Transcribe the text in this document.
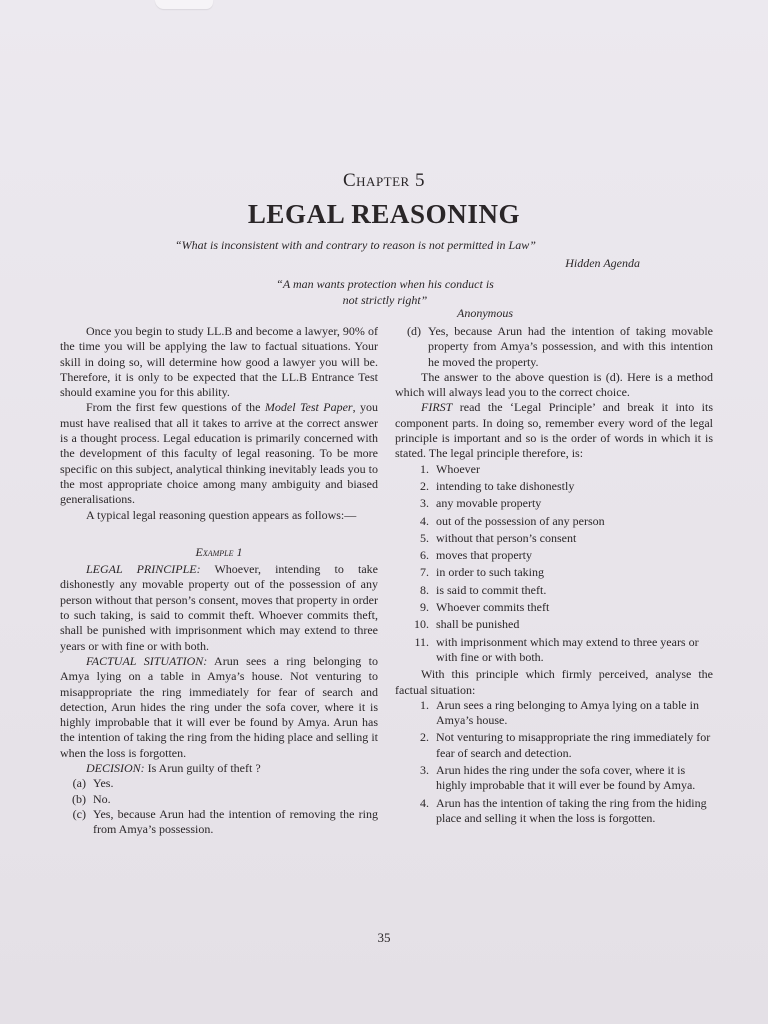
Chapter 5
LEGAL REASONING
“What is inconsistent with and contrary to reason is not permitted in Law”
Hidden Agenda
“A man wants protection when his conduct is not strictly right”
Anonymous

Once you begin to study LL.B and become a lawyer, 90% of the time you will be applying the law to factual situations. Your skill in doing so, will determine how good a lawyer you will be. Therefore, it is only to be expected that the LL.B Entrance Test should examine you for this ability.

From the first few questions of the Model Test Paper, you must have realised that all it takes to arrive at the correct answer is a thought process. Legal education is primarily concerned with the development of this faculty of legal reasoning. To be more specific on this subject, analytical thinking inevitably leads you to the most appropriate choice among many ambiguity and biased generalisations.

A typical legal reasoning question appears as follows:—

Example 1

LEGAL PRINCIPLE: Whoever, intending to take dishonestly any movable property out of the possession of any person without that person’s consent, moves that property in order to such taking, is said to commit theft. Whoever commits theft, shall be punished with imprisonment which may extend to three years or with fine or with both.

FACTUAL SITUATION: Arun sees a ring belonging to Amya lying on a table in Amya’s house. Not venturing to misappropriate the ring immediately for fear of search and detection, Arun hides the ring under the sofa cover, where it is highly improbable that it will ever be found by Amya. Arun has the intention of taking the ring from the hiding place and selling it when the loss is forgotten.

DECISION: Is Arun guilty of theft ?

(a) Yes.
(b) No.
(c) Yes, because Arun had the intention of removing the ring from Amya’s possession.
(d) Yes, because Arun had the intention of taking movable property from Amya’s possession, and with this intention he moved the property.

The answer to the above question is (d). Here is a method which will always lead you to the correct choice.

FIRST read the ‘Legal Principle’ and break it into its component parts. In doing so, remember every word of the legal principle is important and so is the order of words in which it is stated. The legal principle therefore, is:

1. Whoever
2. intending to take dishonestly
3. any movable property
4. out of the possession of any person
5. without that person’s consent
6. moves that property
7. in order to such taking
8. is said to commit theft.
9. Whoever commits theft
10. shall be punished
11. with imprisonment which may extend to three years or with fine or with both.

With this principle which firmly perceived, analyse the factual situation:

1. Arun sees a ring belonging to Amya lying on a table in Amya’s house.
2. Not venturing to misappropriate the ring immediately for fear of search and detection.
3. Arun hides the ring under the sofa cover, where it is highly improbable that it will ever be found by Amya.
4. Arun has the intention of taking the ring from the hiding place and selling it when the loss is forgotten.
35
